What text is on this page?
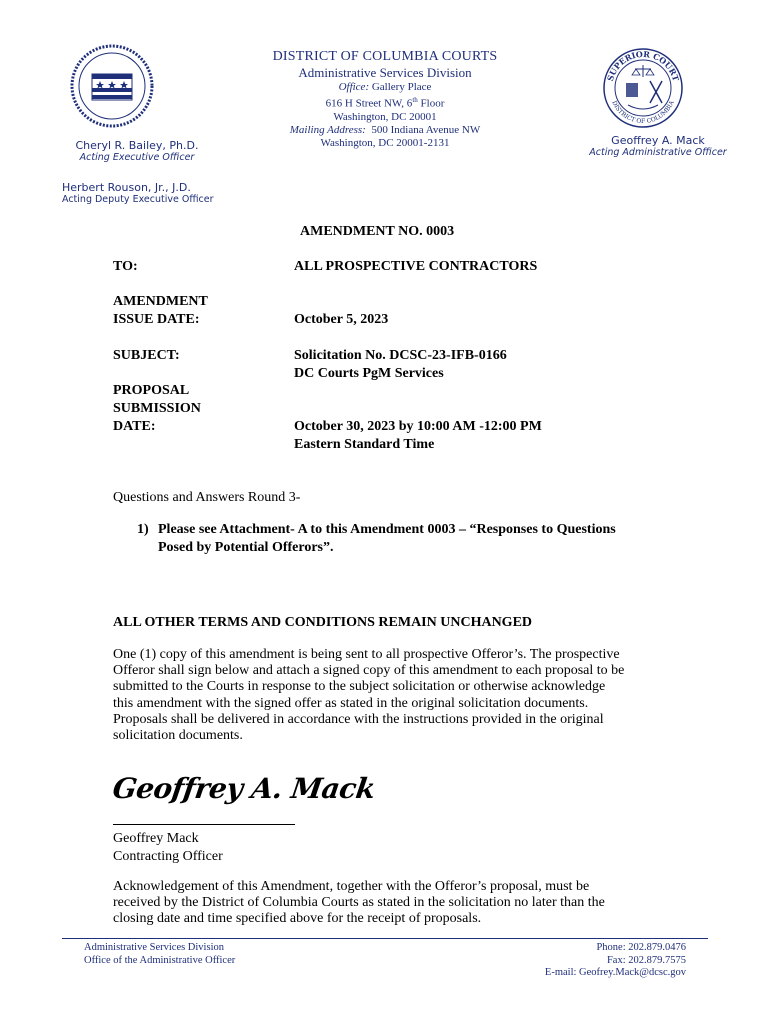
SUPERIOR COURT
DISTRICT OF COLUMBIA
DISTRICT OF COLUMBIA COURTS
Administrative Services Division
Office: Gallery Place
616 H Street NW, 6th Floor
Washington, DC 20001
Mailing Address: 500 Indiana Avenue NW
Washington, DC 20001-2131
Cheryl R. Bailey, Ph.D.
Acting Executive Officer
Geoffrey A. Mack
Acting Administrative Officer
Herbert Rouson, Jr., J.D.
Acting Deputy Executive Officer
AMENDMENT NO. 0003
TO:	ALL PROSPECTIVE CONTRACTORS
AMENDMENT
ISSUE DATE:	October 5, 2023
SUBJECT:	Solicitation No. DCSC-23-IFB-0166
DC Courts PgM Services
PROPOSAL
SUBMISSION
DATE:	October 30, 2023 by 10:00 AM -12:00 PM
Eastern Standard Time
Questions and Answers Round 3-
1) Please see Attachment- A to this Amendment 0003 – “Responses to Questions
Posed by Potential Offerors”.
ALL OTHER TERMS AND CONDITIONS REMAIN UNCHANGED
One (1) copy of this amendment is being sent to all prospective Offeror’s. The prospective
Offeror shall sign below and attach a signed copy of this amendment to each proposal to be
submitted to the Courts in response to the subject solicitation or otherwise acknowledge
this amendment with the signed offer as stated in the original solicitation documents.
Proposals shall be delivered in accordance with the instructions provided in the original
solicitation documents.
Geoffrey A. Mack
Geoffrey Mack
Contracting Officer
Acknowledgement of this Amendment, together with the Offeror’s proposal, must be
received by the District of Columbia Courts as stated in the solicitation no later than the
closing date and time specified above for the receipt of proposals.
Administrative Services Division
Office of the Administrative Officer
Phone: 202.879.0476
Fax: 202.879.7575
E-mail: Geofrey.Mack@dcsc.gov
